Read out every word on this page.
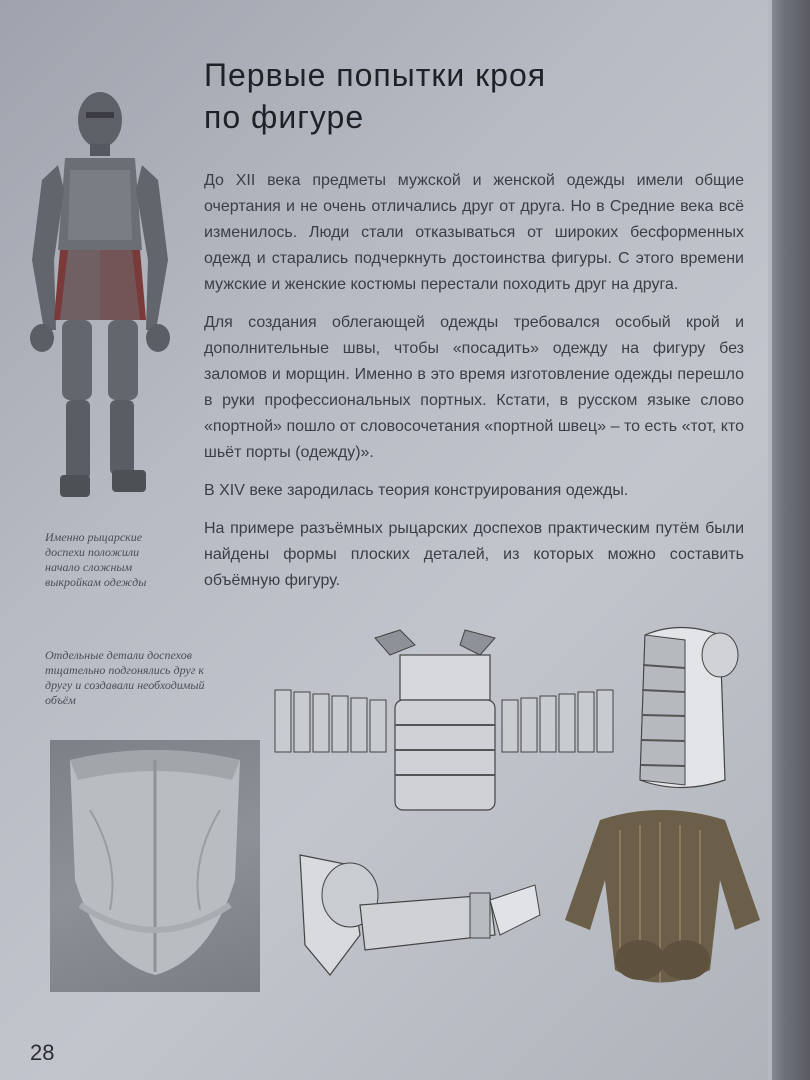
Первые попытки кроя
по фигуре

До XII века предметы мужской и женской одежды имели общие очертания и не очень отличались друг от друга. Но в Средние века всё изменилось. Люди стали отказываться от широких бесформенных одежд и старались подчеркнуть достоинства фигуры. С этого времени мужские и женские костюмы перестали походить друг на друга.

Для создания облегающей одежды требовался особый крой и дополнительные швы, чтобы «посадить» одежду на фигуру без заломов и морщин. Именно в это время изготовление одежды перешло в руки профессиональных портных. Кстати, в русском языке слово «портной» пошло от словосочетания «портной швец» – то есть «тот, кто шьёт порты (одежду)».

В XIV веке зародилась теория конструирования одежды.

На примере разъёмных рыцарских доспехов практическим путём были найдены формы плоских деталей, из которых можно составить объёмную фигуру.

Именно рыцарские доспехи положили начало сложным выкройкам одежды
Отдельные детали доспехов тщательно подгонялись друг к другу и создавали необходимый объём
28
